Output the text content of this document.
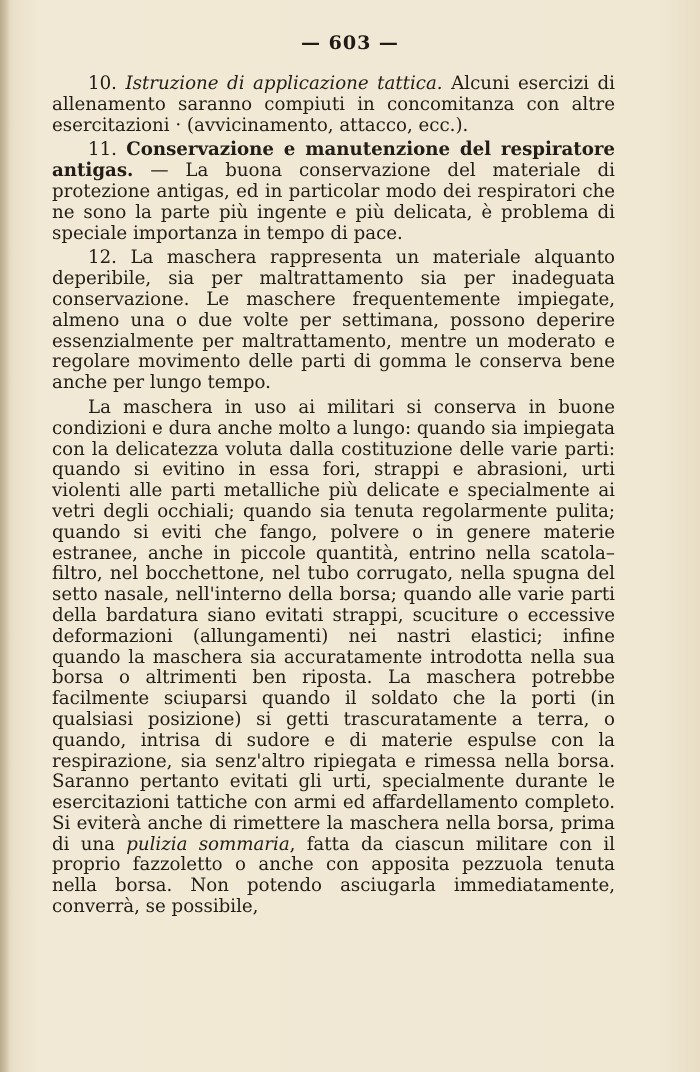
— 603 —

10. Istruzione di applicazione tattica. Alcuni esercizi di allenamento saranno compiuti in concomitanza con altre esercitazioni · (avvicinamento, attacco, ecc.).

11. Conservazione e manutenzione del respiratore antigas. — La buona conservazione del materiale di protezione antigas, ed in particolar modo dei respiratori che ne sono la parte più ingente e più delicata, è problema di speciale importanza in tempo di pace.

12. La maschera rappresenta un materiale alquanto deperibile, sia per maltrattamento sia per inadeguata conservazione. Le maschere frequentemente impiegate, almeno una o due volte per settimana, possono deperire essenzialmente per maltrattamento, mentre un moderato e regolare movimento delle parti di gomma le conserva bene anche per lungo tempo.

La maschera in uso ai militari si conserva in buone condizioni e dura anche molto a lungo: quando sia impiegata con la delicatezza voluta dalla costituzione delle varie parti: quando si evitino in essa fori, strappi e abrasioni, urti violenti alle parti metalliche più delicate e specialmente ai vetri degli occhiali; quando sia tenuta regolarmente pulita; quando si eviti che fango, polvere o in genere materie estranee, anche in piccole quantità, entrino nella scatola–filtro, nel bocchettone, nel tubo corrugato, nella spugna del setto nasale, nell'interno della borsa; quando alle varie parti della bardatura siano evitati strappi, scuciture o eccessive deformazioni (allungamenti) nei nastri elastici; infine quando la maschera sia accuratamente introdotta nella sua borsa o altrimenti ben riposta. La maschera potrebbe facilmente sciuparsi quando il soldato che la porti (in qualsiasi posizione) si getti trascuratamente a terra, o quando, intrisa di sudore e di materie espulse con la respirazione, sia senz'altro ripiegata e rimessa nella borsa. Saranno pertanto evitati gli urti, specialmente durante le esercitazioni tattiche con armi ed affardellamento completo. Si eviterà anche di rimettere la maschera nella borsa, prima di una pulizia sommaria, fatta da ciascun militare con il proprio fazzoletto o anche con apposita pezzuola tenuta nella borsa. Non potendo asciugarla immediatamente, converrà, se possibile,
